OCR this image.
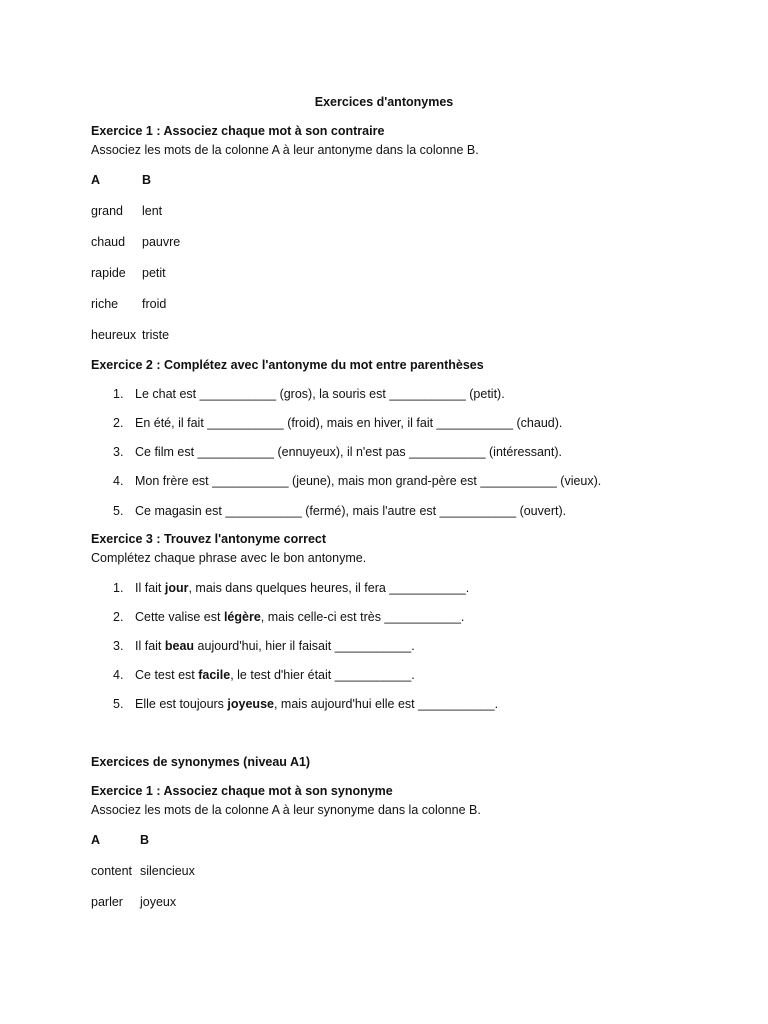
Exercices d'antonymes
Exercice 1 : Associez chaque mot à son contraire
Associez les mots de la colonne A à leur antonyme dans la colonne B.
A	B
grand lent
chaud pauvre
rapide petit
riche froid
heureux triste
Exercice 2 : Complétez avec l'antonyme du mot entre parenthèses
1. Le chat est ___________ (gros), la souris est ___________ (petit).
2. En été, il fait ___________ (froid), mais en hiver, il fait ___________ (chaud).
3. Ce film est ___________ (ennuyeux), il n'est pas ___________ (intéressant).
4. Mon frère est ___________ (jeune), mais mon grand-père est ___________ (vieux).
5. Ce magasin est ___________ (fermé), mais l'autre est ___________ (ouvert).
Exercice 3 : Trouvez l'antonyme correct
Complétez chaque phrase avec le bon antonyme.
1. Il fait jour, mais dans quelques heures, il fera ___________.
2. Cette valise est légère, mais celle-ci est très ___________.
3. Il fait beau aujourd'hui, hier il faisait ___________.
4. Ce test est facile, le test d'hier était ___________.
5. Elle est toujours joyeuse, mais aujourd'hui elle est ___________.
Exercices de synonymes (niveau A1)
Exercice 1 : Associez chaque mot à son synonyme
Associez les mots de la colonne A à leur synonyme dans la colonne B.
A	B
content silencieux
parler joyeux
